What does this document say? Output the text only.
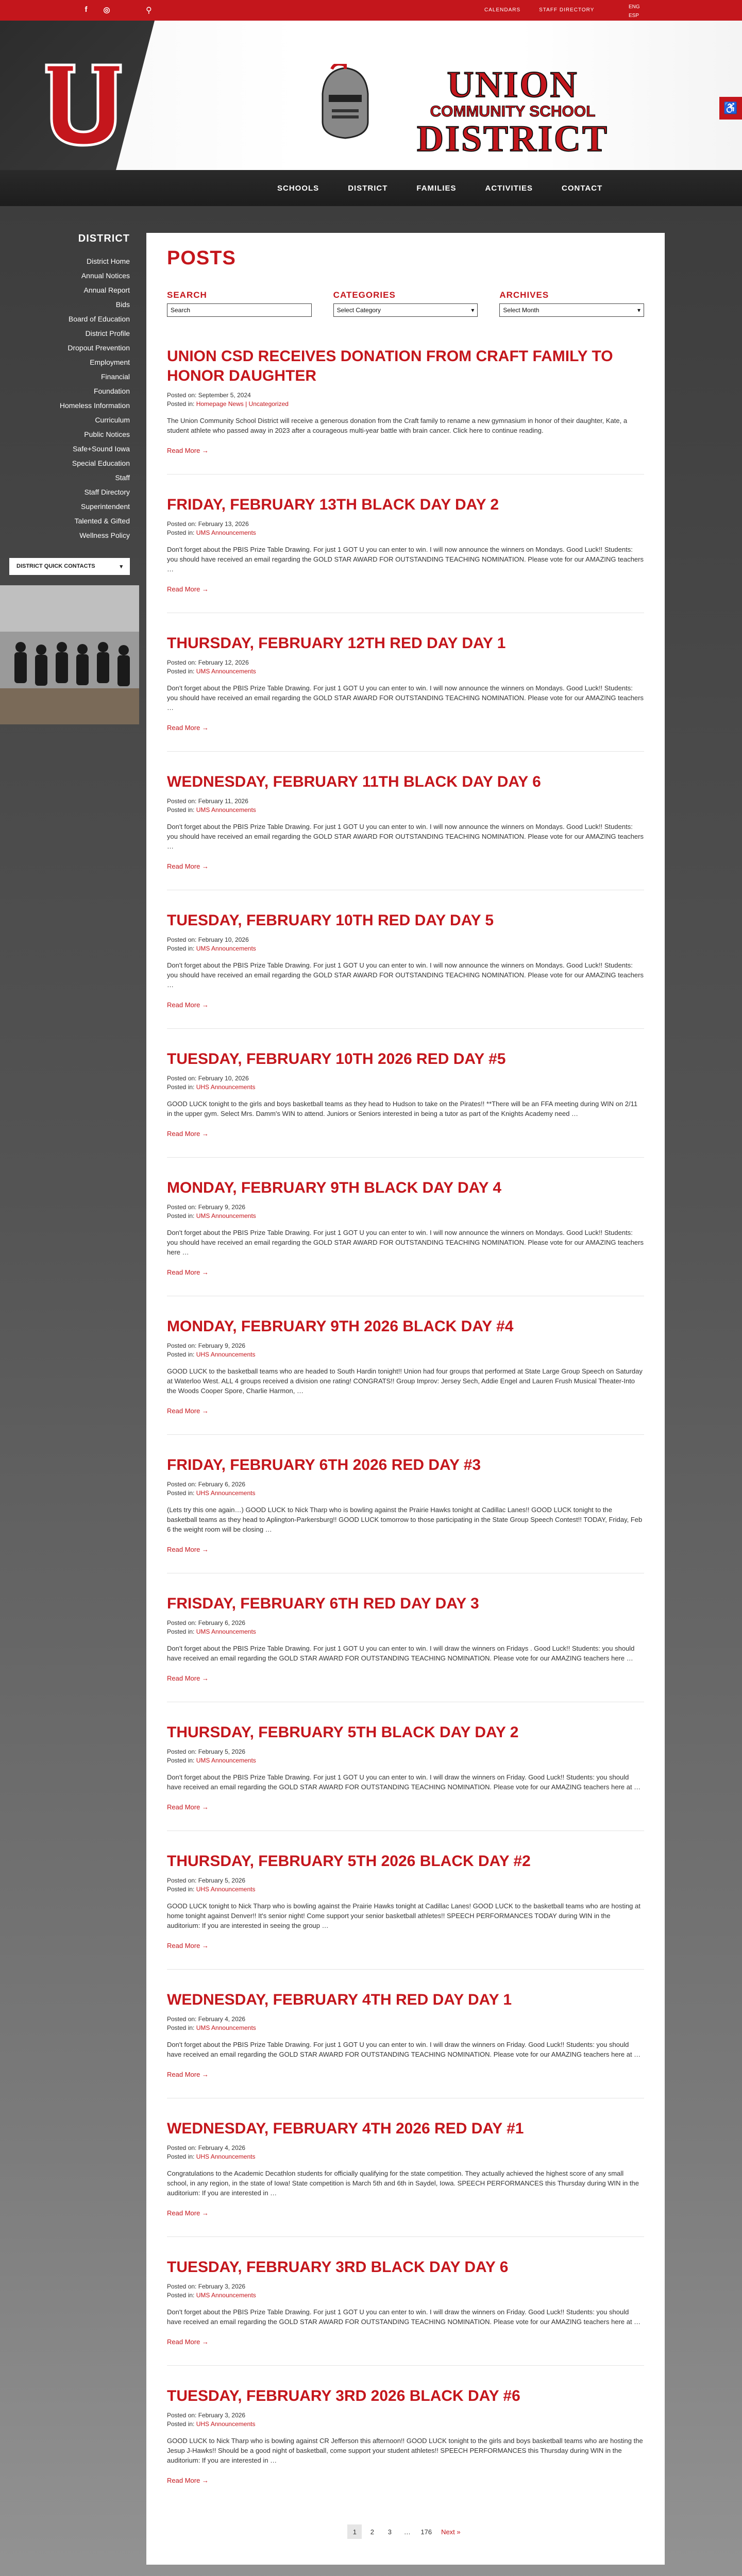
f	◎	⚲	CALENDARS	STAFF DIRECTORY
ENG
ESP
UNION
COMMUNITY SCHOOL
DISTRICT
♿
SCHOOLS	DISTRICT	FAMILIES	ACTIVITIES	CONTACT
DISTRICT
District Home
Annual Notices
Annual Report
Bids
Board of Education
District Profile
Dropout Prevention
Employment
Financial
Foundation
Homeless Information
Curriculum
Public Notices
Safe+Sound Iowa
Special Education
Staff
Staff Directory
Superintendent
Talented & Gifted
Wellness Policy
DISTRICT QUICK CONTACTS	▾
POSTS
SEARCH
Search
CATEGORIES
Select Category	▾
ARCHIVES
Select Month	▾
UNION CSD RECEIVES DONATION FROM CRAFT FAMILY TO HONOR DAUGHTER
Posted on: September 5, 2024
Posted in: Homepage News | Uncategorized

The Union Community School District will receive a generous donation from the Craft family to rename a new gymnasium in honor of their daughter, Kate, a student athlete who passed away in 2023 after a courageous multi-year battle with brain cancer. Click here to continue reading.

Read More →
FRIDAY, FEBRUARY 13TH BLACK DAY DAY 2
Posted on: February 13, 2026
Posted in: UMS Announcements

Don't forget about the PBIS Prize Table Drawing. For just 1 GOT U you can enter to win. I will now announce the winners on Mondays. Good Luck!! Students: you should have received an email regarding the GOLD STAR AWARD FOR OUTSTANDING TEACHING NOMINATION. Please vote for our AMAZING teachers …

Read More →
THURSDAY, FEBRUARY 12TH RED DAY DAY 1
Posted on: February 12, 2026
Posted in: UMS Announcements

Don't forget about the PBIS Prize Table Drawing. For just 1 GOT U you can enter to win. I will now announce the winners on Mondays. Good Luck!! Students: you should have received an email regarding the GOLD STAR AWARD FOR OUTSTANDING TEACHING NOMINATION. Please vote for our AMAZING teachers …

Read More →
WEDNESDAY, FEBRUARY 11TH BLACK DAY DAY 6
Posted on: February 11, 2026
Posted in: UMS Announcements

Don't forget about the PBIS Prize Table Drawing. For just 1 GOT U you can enter to win. I will now announce the winners on Mondays. Good Luck!! Students: you should have received an email regarding the GOLD STAR AWARD FOR OUTSTANDING TEACHING NOMINATION. Please vote for our AMAZING teachers …

Read More →
TUESDAY, FEBRUARY 10TH RED DAY DAY 5
Posted on: February 10, 2026
Posted in: UMS Announcements

Don't forget about the PBIS Prize Table Drawing. For just 1 GOT U you can enter to win. I will now announce the winners on Mondays. Good Luck!! Students: you should have received an email regarding the GOLD STAR AWARD FOR OUTSTANDING TEACHING NOMINATION. Please vote for our AMAZING teachers …

Read More →
TUESDAY, FEBRUARY 10TH 2026 RED DAY #5
Posted on: February 10, 2026
Posted in: UHS Announcements

GOOD LUCK tonight to the girls and boys basketball teams as they head to Hudson to take on the Pirates!! **There will be an FFA meeting during WIN on 2/11 in the upper gym. Select Mrs. Damm's WIN to attend. Juniors or Seniors interested in being a tutor as part of the Knights Academy need …

Read More →
MONDAY, FEBRUARY 9TH BLACK DAY DAY 4
Posted on: February 9, 2026
Posted in: UMS Announcements

Don't forget about the PBIS Prize Table Drawing. For just 1 GOT U you can enter to win. I will now announce the winners on Mondays. Good Luck!! Students: you should have received an email regarding the GOLD STAR AWARD FOR OUTSTANDING TEACHING NOMINATION. Please vote for our AMAZING teachers here …

Read More →
MONDAY, FEBRUARY 9TH 2026 BLACK DAY #4
Posted on: February 9, 2026
Posted in: UHS Announcements

GOOD LUCK to the basketball teams who are headed to South Hardin tonight!! Union had four groups that performed at State Large Group Speech on Saturday at Waterloo West. ALL 4 groups received a division one rating! CONGRATS!! Group Improv: Jersey Sech, Addie Engel and Lauren Frush Musical Theater-Into the Woods Cooper Spore, Charlie Harmon, …

Read More →
FRIDAY, FEBRUARY 6TH 2026 RED DAY #3
Posted on: February 6, 2026
Posted in: UHS Announcements

(Lets try this one again…) GOOD LUCK to Nick Tharp who is bowling against the Prairie Hawks tonight at Cadillac Lanes!! GOOD LUCK tonight to the basketball teams as they head to Aplington-Parkersburg!! GOOD LUCK tomorrow to those participating in the State Group Speech Contest!! TODAY, Friday, Feb 6 the weight room will be closing …

Read More →
FRISDAY, FEBRUARY 6TH RED DAY DAY 3
Posted on: February 6, 2026
Posted in: UMS Announcements

Don't forget about the PBIS Prize Table Drawing. For just 1 GOT U you can enter to win. I will draw the winners on Fridays . Good Luck!! Students: you should have received an email regarding the GOLD STAR AWARD FOR OUTSTANDING TEACHING NOMINATION. Please vote for our AMAZING teachers here …

Read More →
THURSDAY, FEBRUARY 5TH BLACK DAY DAY 2
Posted on: February 5, 2026
Posted in: UMS Announcements

Don't forget about the PBIS Prize Table Drawing. For just 1 GOT U you can enter to win. I will draw the winners on Friday. Good Luck!! Students: you should have received an email regarding the GOLD STAR AWARD FOR OUTSTANDING TEACHING NOMINATION. Please vote for our AMAZING teachers here at …

Read More →
THURSDAY, FEBRUARY 5TH 2026 BLACK DAY #2
Posted on: February 5, 2026
Posted in: UHS Announcements

GOOD LUCK tonight to Nick Tharp who is bowling against the Prairie Hawks tonight at Cadillac Lanes! GOOD LUCK to the basketball teams who are hosting at home tonight against Denver!! It's senior night! Come support your senior basketball athletes!! SPEECH PERFORMANCES TODAY during WIN in the auditorium: If you are interested in seeing the group …

Read More →
WEDNESDAY, FEBRUARY 4TH RED DAY DAY 1
Posted on: February 4, 2026
Posted in: UMS Announcements

Don't forget about the PBIS Prize Table Drawing. For just 1 GOT U you can enter to win. I will draw the winners on Friday. Good Luck!! Students: you should have received an email regarding the GOLD STAR AWARD FOR OUTSTANDING TEACHING NOMINATION. Please vote for our AMAZING teachers here at …

Read More →
WEDNESDAY, FEBRUARY 4TH 2026 RED DAY #1
Posted on: February 4, 2026
Posted in: UHS Announcements

Congratulations to the Academic Decathlon students for officially qualifying for the state competition. They actually achieved the highest score of any small school, in any region, in the state of Iowa! State competition is March 5th and 6th in Saydel, Iowa. SPEECH PERFORMANCES this Thursday during WIN in the auditorium: If you are interested in …

Read More →
TUESDAY, FEBRUARY 3RD BLACK DAY DAY 6
Posted on: February 3, 2026
Posted in: UMS Announcements

Don't forget about the PBIS Prize Table Drawing. For just 1 GOT U you can enter to win. I will draw the winners on Friday. Good Luck!! Students: you should have received an email regarding the GOLD STAR AWARD FOR OUTSTANDING TEACHING NOMINATION. Please vote for our AMAZING teachers here at …

Read More →
TUESDAY, FEBRUARY 3RD 2026 BLACK DAY #6
Posted on: February 3, 2026
Posted in: UHS Announcements

GOOD LUCK to Nick Tharp who is bowling against CR Jefferson this afternoon!! GOOD LUCK tonight to the girls and boys basketball teams who are hosting the Jesup J-Hawks!! Should be a good night of basketball, come support your student athletes!! SPEECH PERFORMANCES this Thursday during WIN in the auditorium: If you are interested in …

Read More →
1	2	3	…	176	Next »
